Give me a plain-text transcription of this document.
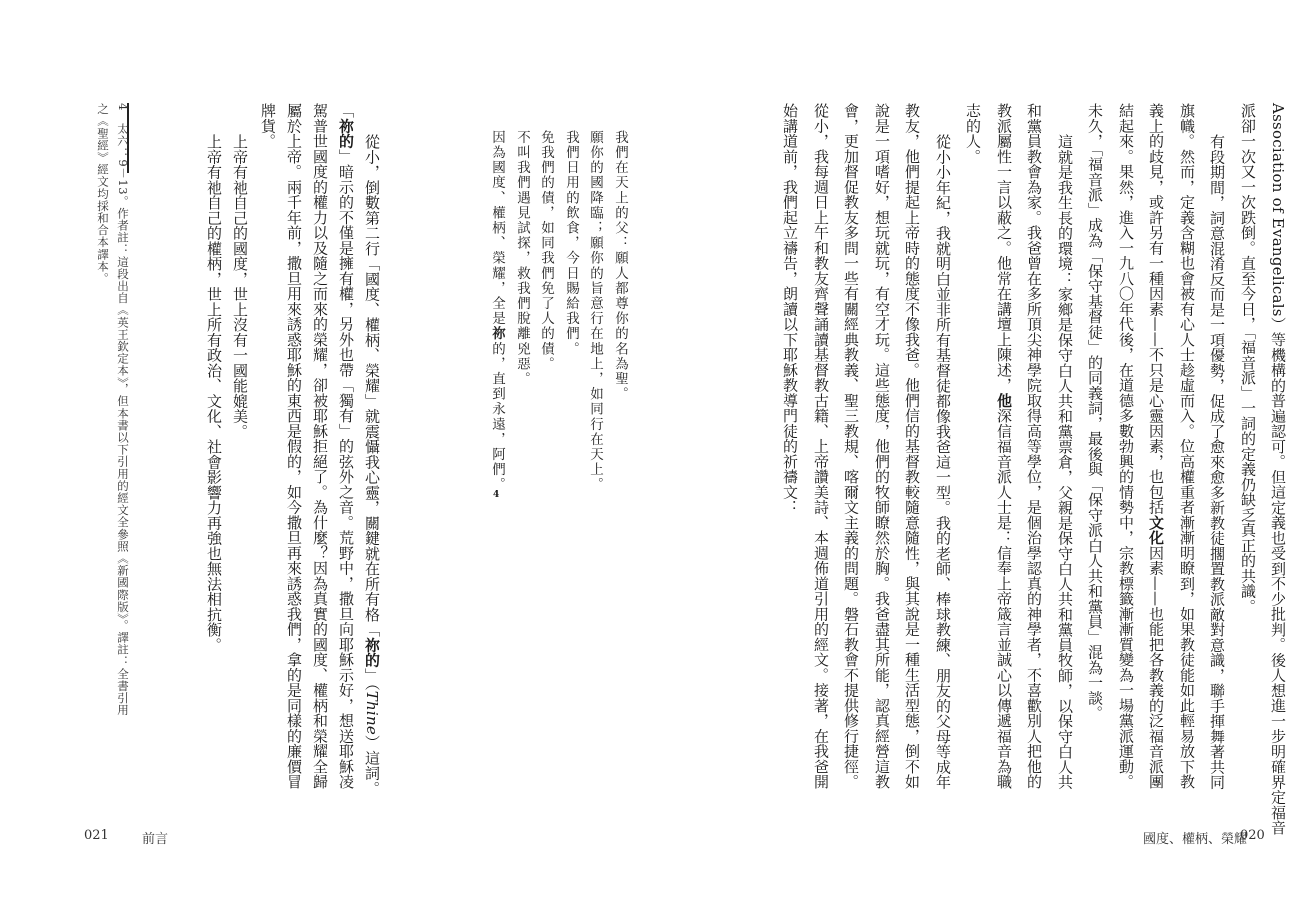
Association of Evangelicals）等機構的普遍認可。但這定義也受到不少批判。後人想進一步明確界定福音
派卻一次又一次跌倒。直至今日，「福音派」一詞的定義仍缺乏真正的共識。
有段期間，詞意混淆反而是一項優勢，促成了愈來愈多新教徒擱置教派敵對意識，聯手揮舞著共同
旗幟。然而，定義含糊也會被有心人士趁虛而入。位高權重者漸漸明瞭到，如果教徒能如此輕易放下教
義上的歧見，或許另有一種因素——不只是心靈因素，也包括文化因素——也能把各教義的泛福音派團
結起來。果然，進入一九八〇年代後，在道德多數勃興的情勢中，宗教標籤漸漸質變為一場黨派運動。
未久，「福音派」成為「保守基督徒」的同義詞，最後與「保守派白人共和黨員」混為一談。
這就是我生長的環境：家鄉是保守白人共和黨票倉，父親是保守白人共和黨員牧師，以保守白人共
和黨員教會為家。我爸曾在多所頂尖神學院取得高等學位，是個治學認真的神學者，不喜歡別人把他的
教派屬性一言以蔽之。他常在講壇上陳述，他深信福音派人士是：信奉上帝箴言並誠心以傳遞福音為職
志的人。
從小小年紀，我就明白並非所有基督徒都像我爸這一型。我的老師、棒球教練、朋友的父母等成年
教友，他們提起上帝時的態度不像我爸。他們信的基督教較隨意隨性，與其說是一種生活型態，倒不如
說是一項嗜好，想玩就玩，有空才玩。這些態度，他們的牧師瞭然於胸。我爸盡其所能，認真經營這教
會，更加督促教友多問一些有關經典教義、聖三教規、喀爾文主義的問題。磐石教會不提供修行捷徑。
從小，我每週日上午和教友齊聲誦讀基督教古籍、上帝讚美詩、本週佈道引用的經文。接著，在我爸開
始講道前，我們起立禱告，朗讀以下耶穌教導門徒的祈禱文：
國度、權柄、榮耀
020
我們在天上的父：願人都尊你的名為聖。
願你的國降臨；願你的旨意行在地上，如同行在天上。
我們日用的飲食，今日賜給我們。
免我們的債，如同我們免了人的債。
不叫我們遇見試探，救我們脫離兇惡。
因為國度、權柄、榮耀，全是祢的，直到永遠，阿們。
4
從小，倒數第二行「國度、權柄、榮耀」就震懾我心靈，關鍵就在所有格「祢的」（Thine）這詞。
「祢的」暗示的不僅是擁有權，另外也帶「獨有」的弦外之音。荒野中，撒旦向耶穌示好，想送耶穌凌
駕普世國度的權力以及隨之而來的榮耀，卻被耶穌拒絕了。為什麼？因為真實的國度、權柄和榮耀全歸
屬於上帝。兩千年前，撒旦用來誘惑耶穌的東西是假的，如今撒旦再來誘惑我們，拿的是同樣的廉價冒
牌貨。
上帝有祂自己的國度，世上沒有一國能媲美。
上帝有祂自己的權柄，世上所有政治、文化、社會影響力再強也無法相抗衡。
4　太六：9－13。作者註：這段出自《英王欽定本》，但本書以下引用的經文全參照《新國際版》。譯註：全書引用
之《聖經》經文均採和合本譯本。
021	前言
